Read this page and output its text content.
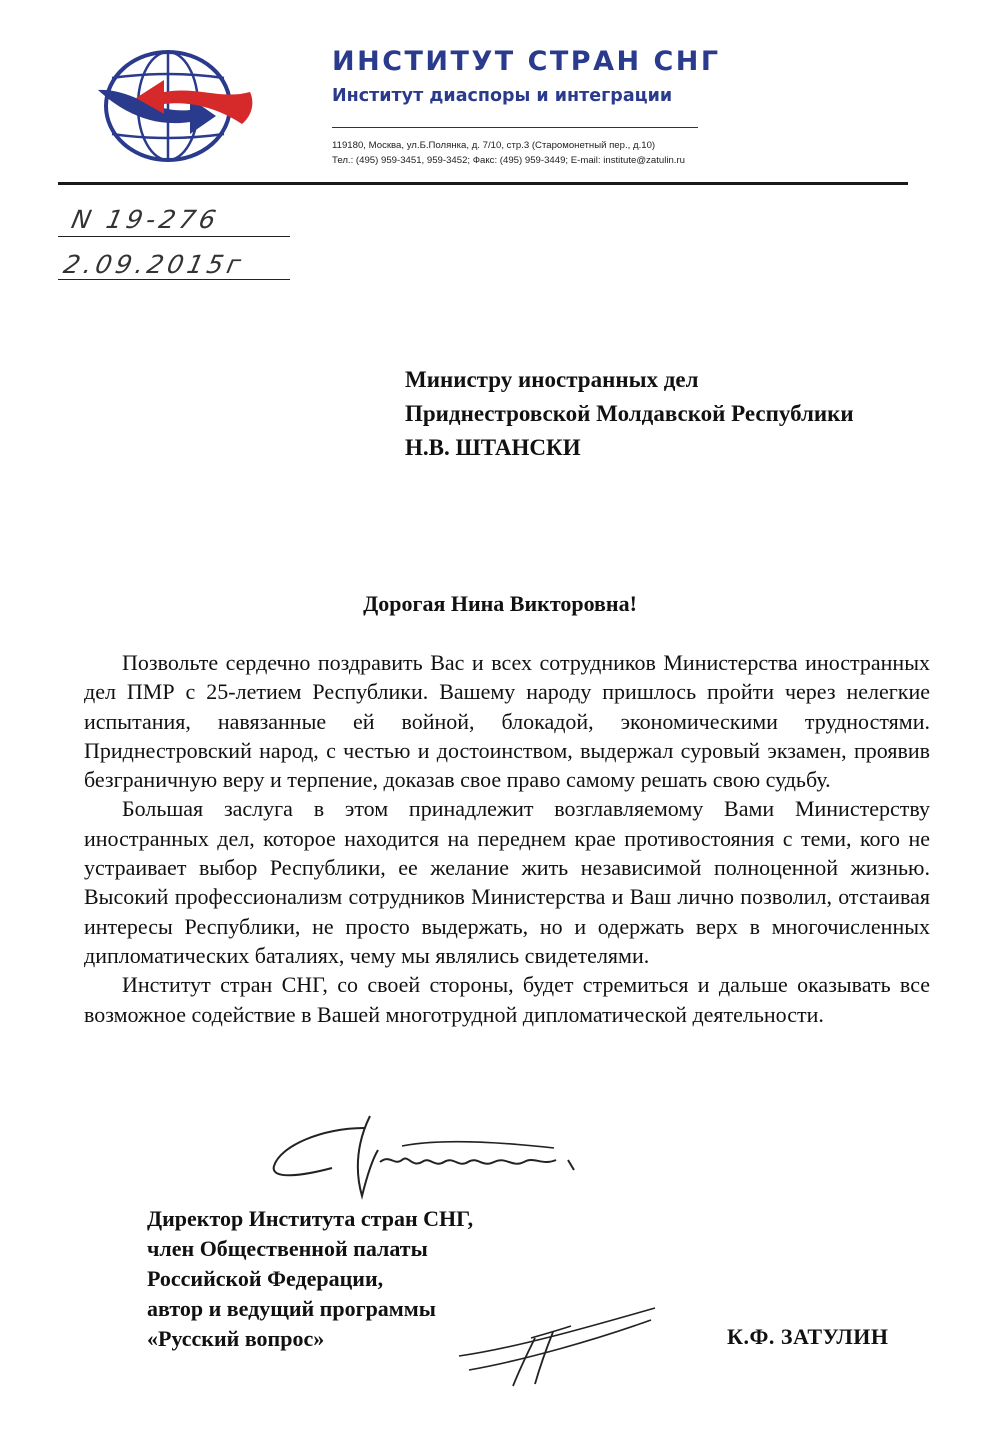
ИНСТИТУТ СТРАН СНГ
Институт диаспоры и интеграции
119180, Москва, ул.Б.Полянка, д. 7/10, стр.3 (Старомонетный пер., д.10)
Тел.: (495) 959-3451, 959-3452; Факс: (495) 959-3449; E-mail: institute@zatulin.ru
N 19-276
2.09.2015г
Министру иностранных дел
Приднестровской Молдавской Республики
Н.В. ШТАНСКИ
Дорогая Нина Викторовна!

Позвольте сердечно поздравить Вас и всех сотрудников Министерства иностранных дел ПМР с 25-летием Республики. Вашему народу пришлось пройти через нелегкие испытания, навязанные ей войной, блокадой, экономическими трудностями. Приднестровский народ, с честью и достоинством, выдержал суровый экзамен, проявив безграничную веру и терпение, доказав свое право самому решать свою судьбу.

Большая заслуга в этом принадлежит возглавляемому Вами Министерству иностранных дел, которое находится на переднем крае противостояния с теми, кого не устраивает выбор Республики, ее желание жить независимой полноценной жизнью. Высокий профессионализм сотрудников Министерства и Ваш лично позволил, отстаивая интересы Республики, не просто выдержать, но и одержать верх в многочисленных дипломатических баталиях, чему мы являлись свидетелями.

Институт стран СНГ, со своей стороны, будет стремиться и дальше оказывать все возможное содействие в Вашей многотрудной дипломатической деятельности.

Директор Института стран СНГ,
член Общественной палаты
Российской Федерации,
автор и ведущий программы
«Русский вопрос»	К.Ф. ЗАТУЛИН
